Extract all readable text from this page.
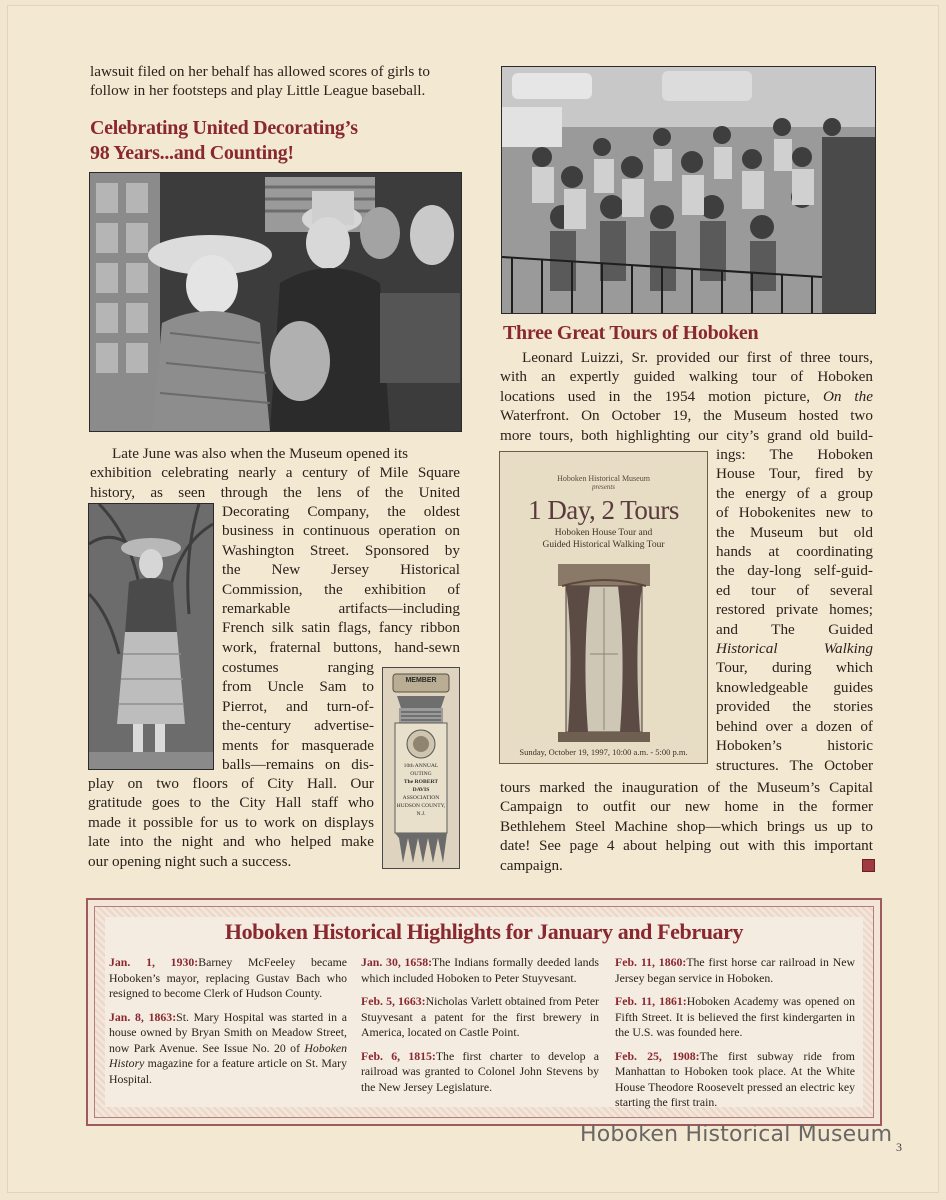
lawsuit filed on her behalf has allowed scores of girls to
follow in her footsteps and play Little League baseball.
Celebrating United Decorating’s
98 Years...and Counting!
Late June was also when the Museum opened its
exhibition celebrating nearly a century of Mile Square
history, as seen through the lens of the United
Decorating Company, the oldest
business in continuous operation on
Washington Street. Sponsored by
the New Jersey Historical
Commission, the exhibition of
remarkable artifacts—including
French silk satin flags, fancy ribbon
work, fraternal buttons, hand-sewn
costumes ranging
from Uncle Sam to
Pierrot, and turn-of-
the-century advertise-
ments for masquerade
balls—remains on dis-
play on two floors of City Hall. Our
gratitude goes to the City Hall staff who
made it possible for us to work on displays
late into the night and who helped make
our opening night such a success.
MEMBER
10th ANNUAL OUTING
The ROBERT DAVIS
ASSOCIATION
HUDSON COUNTY, N.J.
Three Great Tours of Hoboken
Leonard Luizzi, Sr. provided our first of three tours,
with an expertly guided walking tour of Hoboken
locations used in the 1954 motion picture, On the
Waterfront. On October 19, the Museum hosted two
more tours, both highlighting our city’s grand old build-
Hoboken Historical Museum
presents
1 Day, 2 Tours
Hoboken House Tour and
Guided Historical Walking Tour
Sunday, October 19, 1997, 10:00 a.m. - 5:00 p.m.
ings: The Hoboken
House Tour, fired by
the energy of a group
of Hobokenites new to
the Museum but old
hands at coordinating
the day-long self-guid-
ed tour of several
restored private homes;
and The Guided
Historical Walking
Tour, during which
knowledgeable guides
provided the stories
behind over a dozen of
Hoboken’s historic
structures. The October
tours marked the inauguration of the Museum’s Capital
Campaign to outfit our new home in the former
Bethlehem Steel Machine shop—which brings us up to
date! See page 4 about helping out with this important
campaign.
Hoboken Historical Highlights for January and February

Jan. 1, 1930:Barney McFeeley became Hoboken’s mayor, replacing Gustav Bach who resigned to become Clerk of Hudson County.

Jan. 8, 1863:St. Mary Hospital was started in a house owned by Bryan Smith on Meadow Street, now Park Avenue. See Issue No. 20 of Hoboken History magazine for a feature article on St. Mary Hospital.

Jan. 30, 1658:The Indians formally deeded lands which included Hoboken to Peter Stuyvesant.

Feb. 5, 1663:Nicholas Varlett obtained from Peter Stuyvesant a patent for the first brewery in America, located on Castle Point.

Feb. 6, 1815:The first charter to develop a railroad was granted to Colonel John Stevens by the New Jersey Legislature.

Feb. 11, 1860:The first horse car railroad in New Jersey began service in Hoboken.

Feb. 11, 1861:Hoboken Academy was opened on Fifth Street. It is believed the first kindergarten in the U.S. was founded here.

Feb. 25, 1908:The first subway ride from Manhattan to Hoboken took place. At the White House Theodore Roosevelt pressed an electric key starting the first train.

Hoboken Historical Museum 3
